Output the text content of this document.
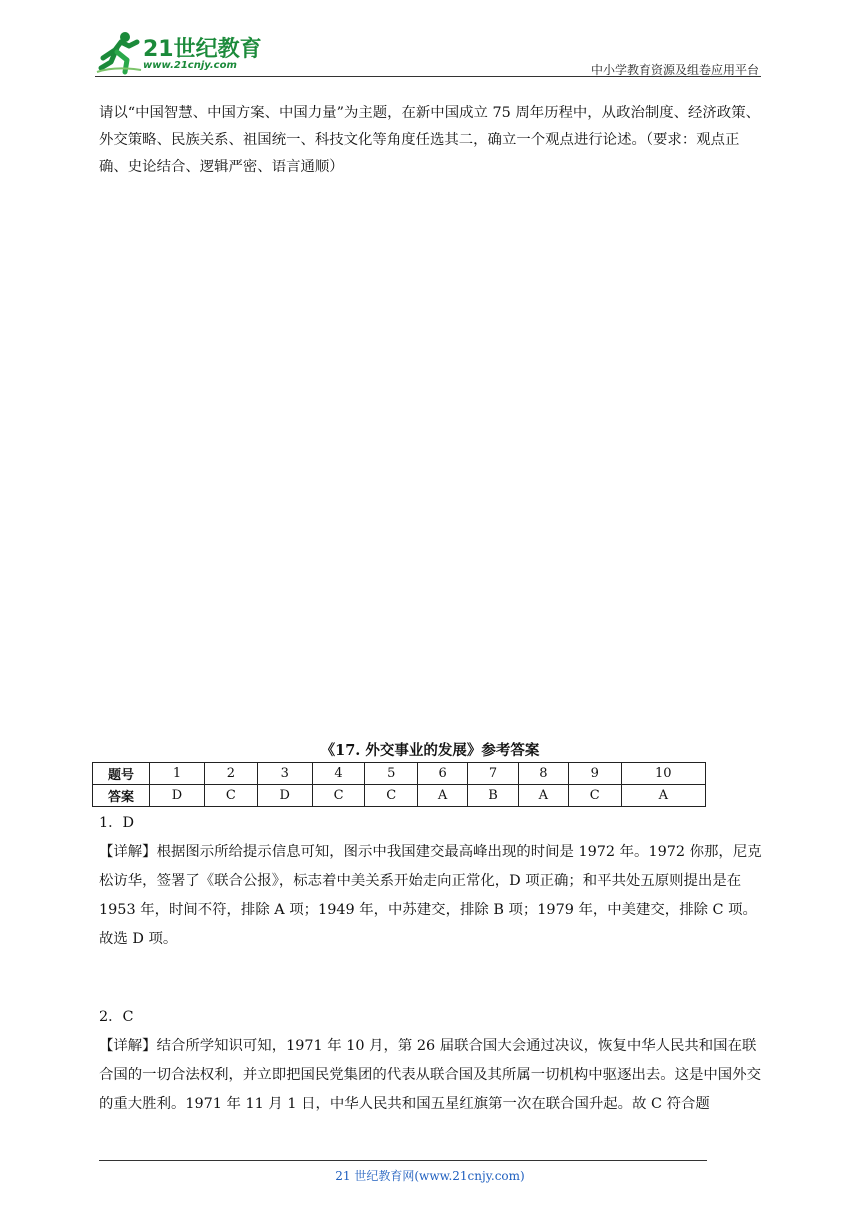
21世纪教育
www.21cnjy.com	中小学教育资源及组卷应用平台
请以“中国智慧、中国方案、中国力量”为主题，在新中国成立 75 周年历程中，从政治制度、经济政策、外交策略、民族关系、祖国统一、科技文化等角度任选其二，确立一个观点进行论述。（要求：观点正确、史论结合、逻辑严密、语言通顺）
《17. 外交事业的发展》参考答案
题号	1	2	3	4	5	6	7	8	9	10
答案	D	C	D	C	C	A	B	A	C	A
1．D
【详解】根据图示所给提示信息可知，图示中我国建交最高峰出现的时间是 1972 年。1972 你那，尼克松访华，签署了《联合公报》，标志着中美关系开始走向正常化，D 项正确；和平共处五原则提出是在 1953 年，时间不符，排除 A 项；1949 年，中苏建交，排除 B 项；1979 年，中美建交，排除 C 项。故选 D 项。
2．C
【详解】结合所学知识可知，1971 年 10 月，第 26 届联合国大会通过决议，恢复中华人民共和国在联合国的一切合法权利，并立即把国民党集团的代表从联合国及其所属一切机构中驱逐出去。这是中国外交的重大胜利。1971 年 11 月 1 日，中华人民共和国五星红旗第一次在联合国升起。故 C 符合题
21 世纪教育网(www.21cnjy.com)
